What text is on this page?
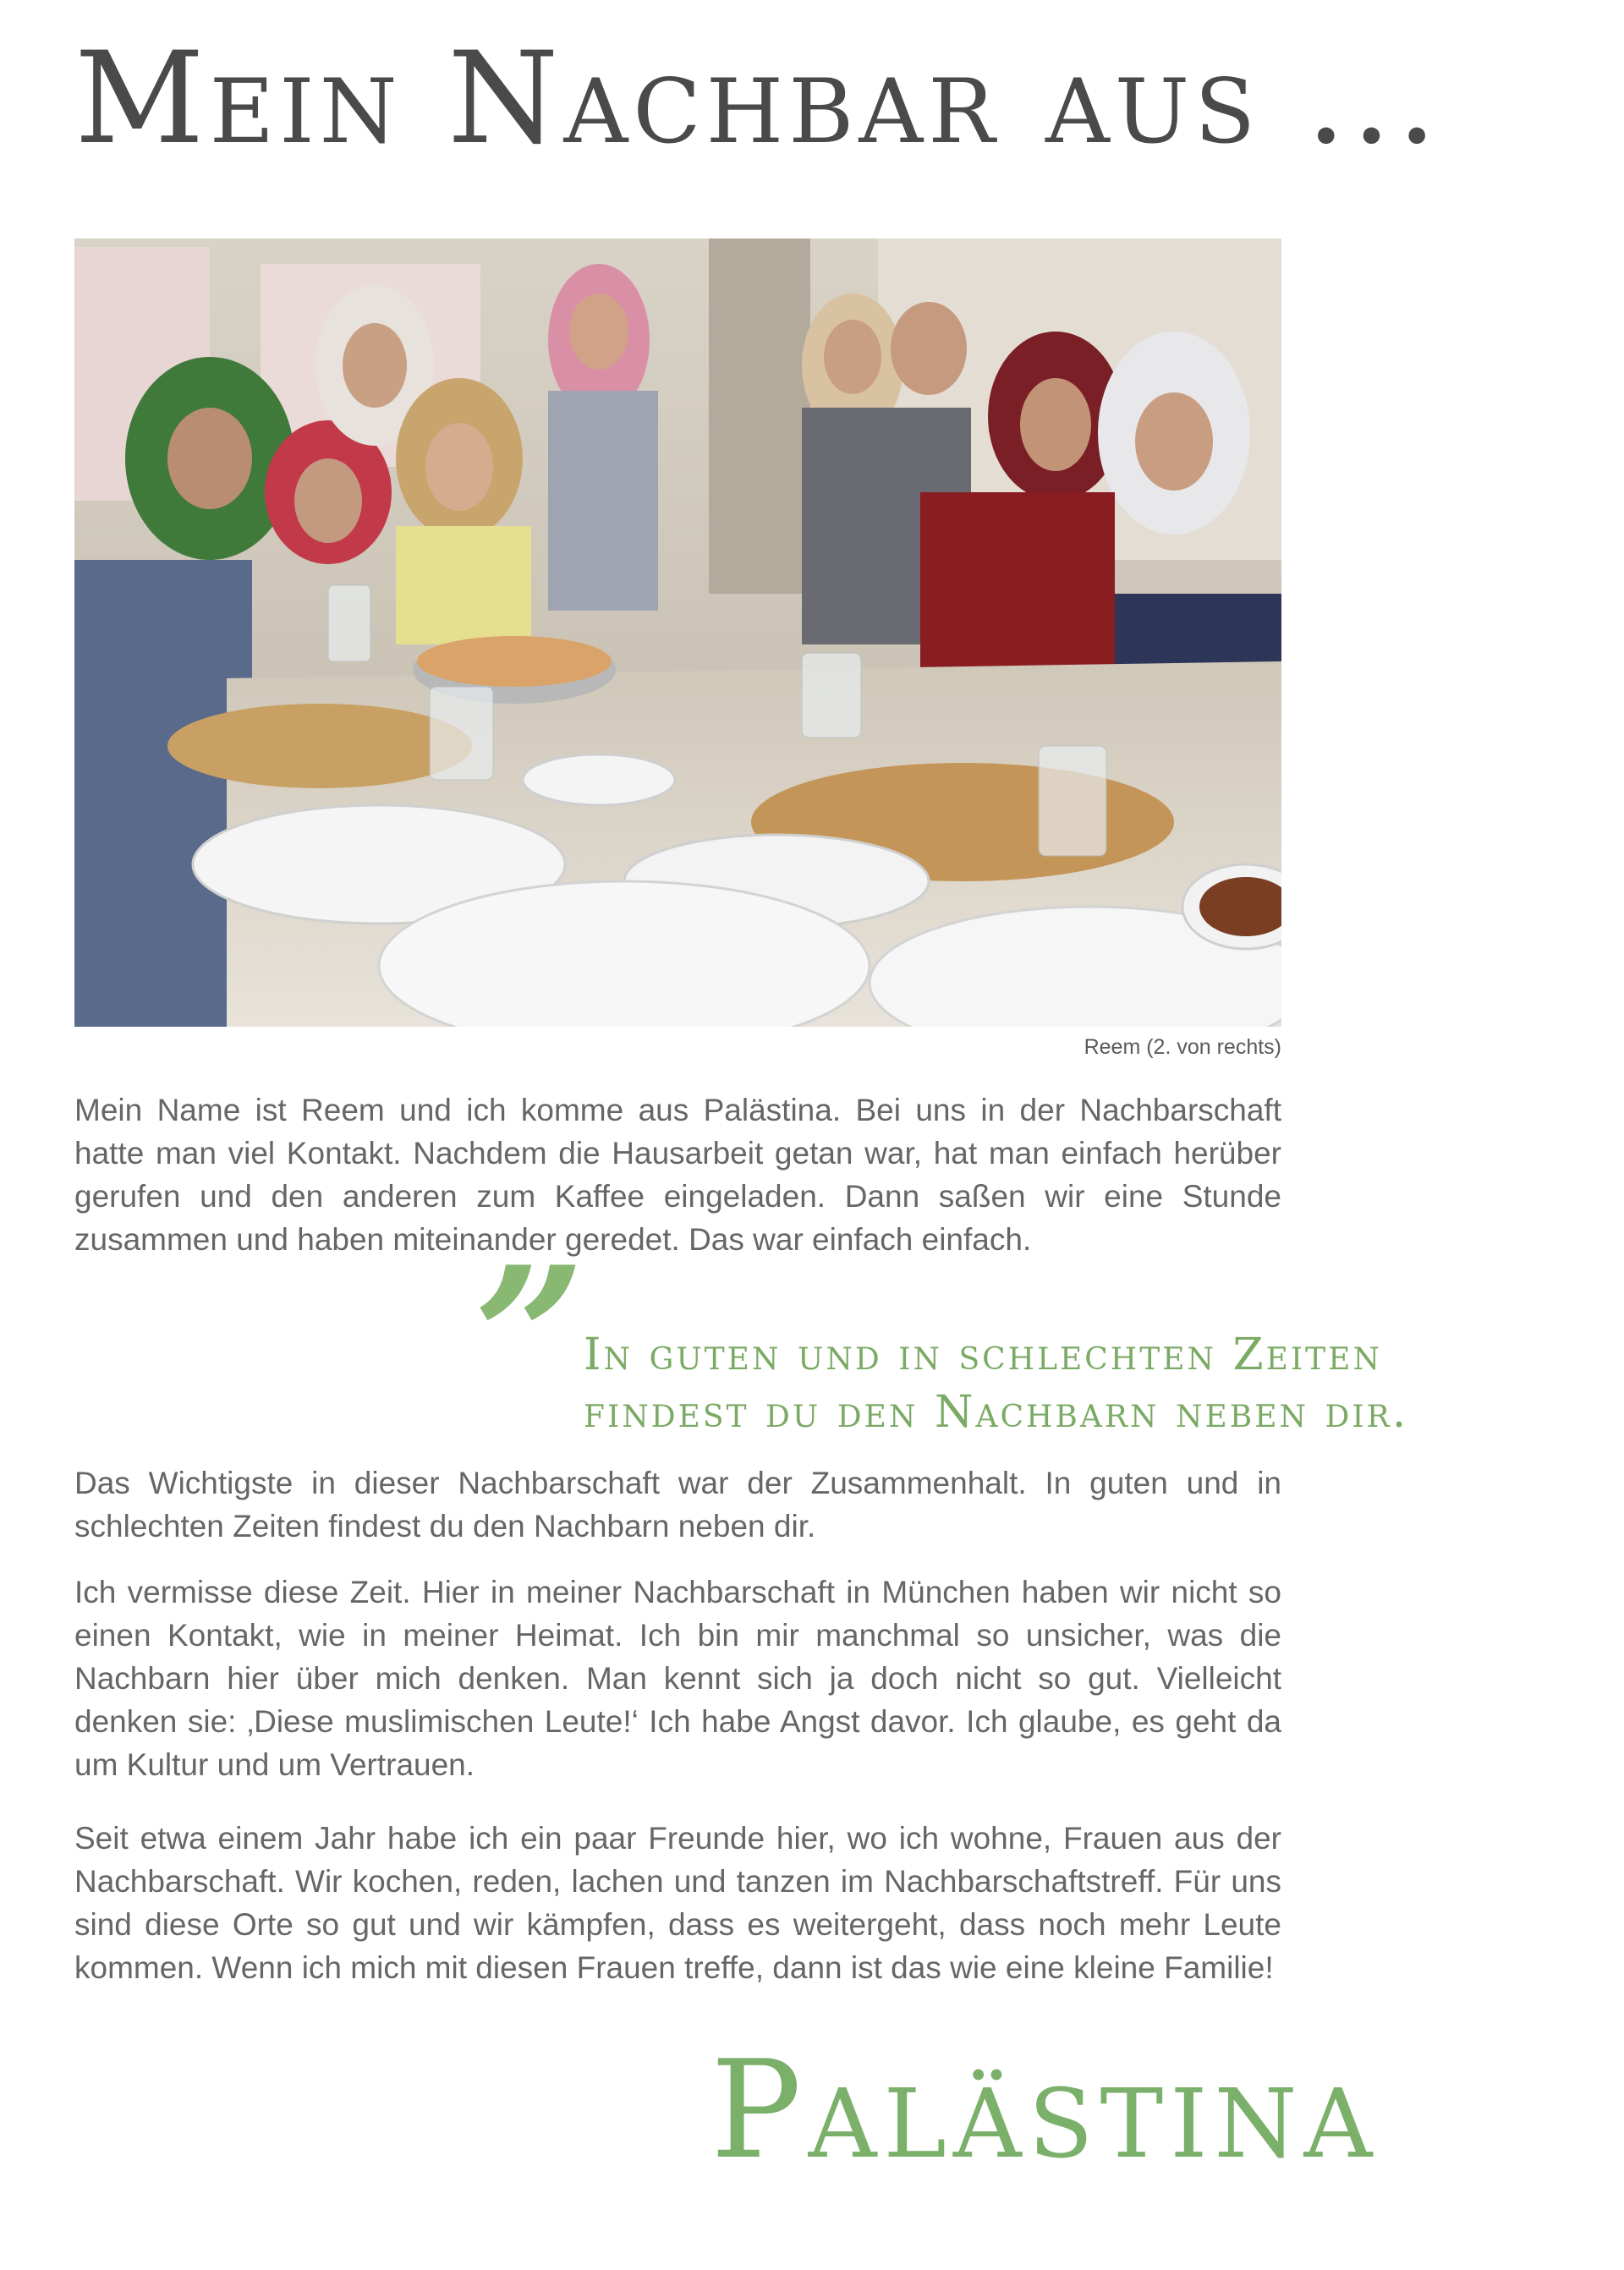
Mein Nachbar aus ...
Reem (2. von rechts)

Mein Name ist Reem und ich komme aus Palästina. Bei uns in der Nachbarschaft hatte man viel Kontakt. Nachdem die Hausarbeit getan war, hat man einfach herüber gerufen und den anderen zum Kaffee eingeladen. Dann saßen wir eine Stunde zusammen und haben miteinander geredet. Das war einfach einfach.

”
In guten und in schlechten Zeiten
findest du den Nachbarn neben dir.

Das Wichtigste in dieser Nachbarschaft war der Zusammenhalt. In guten und in schlechten Zeiten findest du den Nachbarn neben dir.

Ich vermisse diese Zeit. Hier in meiner Nachbarschaft in München haben wir nicht so einen Kontakt, wie in meiner Heimat. Ich bin mir manchmal so unsicher, was die Nachbarn hier über mich denken. Man kennt sich ja doch nicht so gut. Vielleicht denken sie: ‚Diese muslimischen Leute!‘ Ich habe Angst davor. Ich glaube, es geht da um Kultur und um Vertrauen.

Seit etwa einem Jahr habe ich ein paar Freunde hier, wo ich wohne, Frauen aus der Nachbarschaft. Wir kochen, reden, lachen und tanzen im Nachbarschaftstreff. Für uns sind diese Orte so gut und wir kämpfen, dass es weitergeht, dass noch mehr Leute kommen. Wenn ich mich mit diesen Frauen treffe, dann ist das wie eine kleine Familie!

Palästina
